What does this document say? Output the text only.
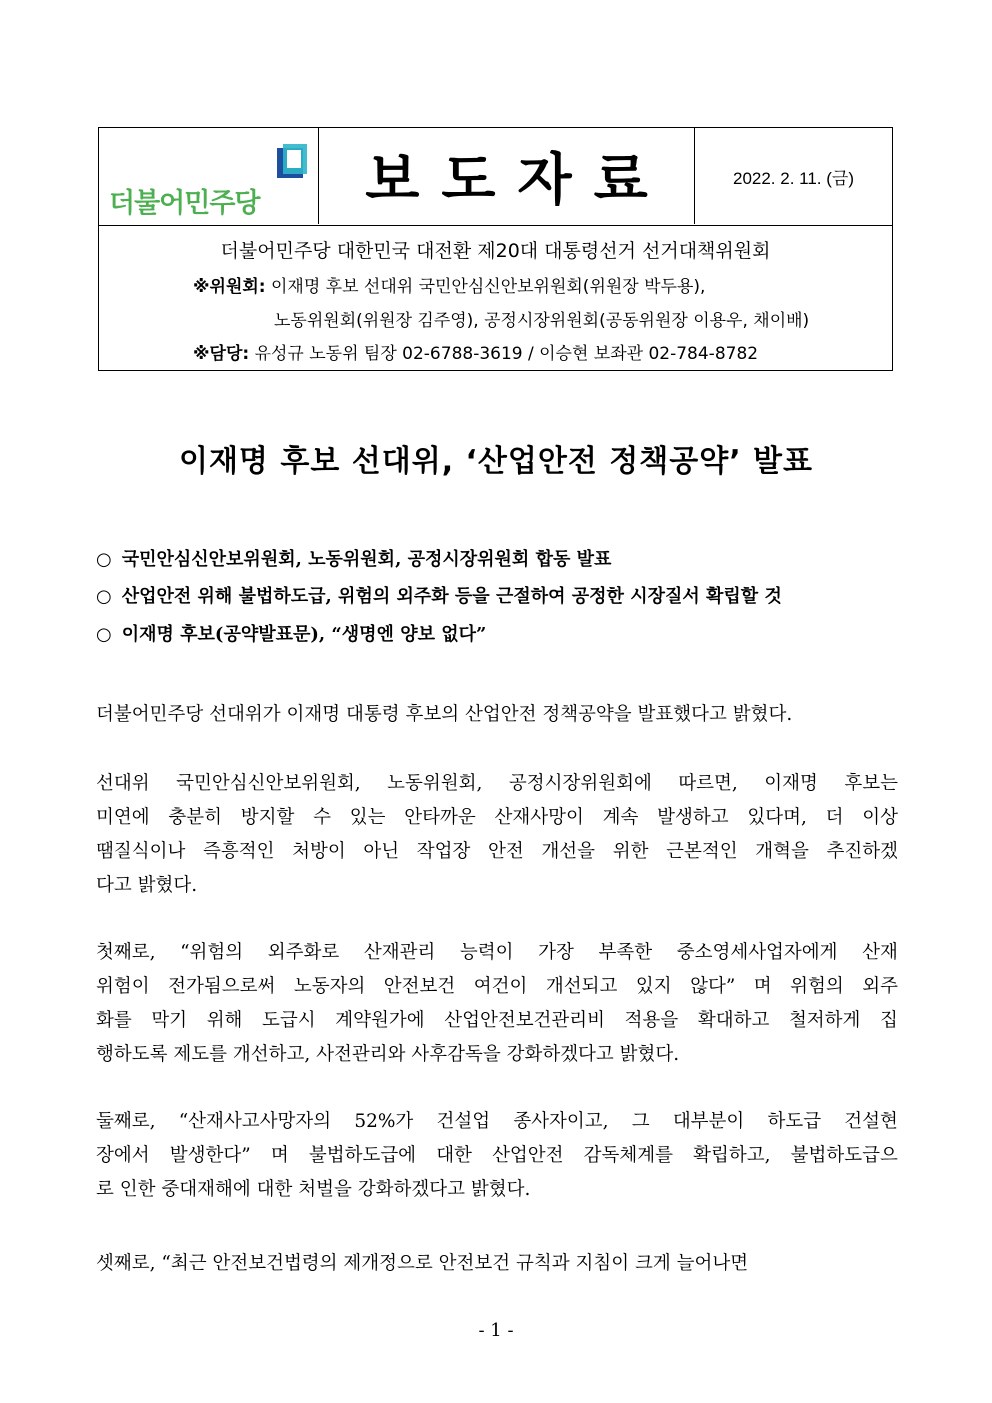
더불어민주당 보도자료	2022. 2. 11. (금)
더불어민주당 대한민국 대전환 제20대 대통령선거 선거대책위원회
※위원회: 이재명 후보 선대위 국민안심신안보위원회(위원장 박두용),
노동위원회(위원장 김주영), 공정시장위원회(공동위원장 이용우, 채이배)
※담당: 유성규 노동위 팀장 02-6788-3619 / 이승현 보좌관 02-784-8782
이재명 후보 선대위, ‘산업안전 정책공약’ 발표
○ 국민안심신안보위원회, 노동위원회, 공정시장위원회 합동 발표
○ 산업안전 위해 불법하도급, 위험의 외주화 등을 근절하여 공정한 시장질서 확립할 것
○ 이재명 후보(공약발표문), “생명엔 양보 없다”
더불어민주당 선대위가 이재명 대통령 후보의 산업안전 정책공약을 발표했다고 밝혔다.
선대위 국민안심신안보위원회, 노동위원회, 공정시장위원회에 따르면, 이재명 후보는
미연에 충분히 방지할 수 있는 안타까운 산재사망이 계속 발생하고 있다며, 더 이상
땜질식이나 즉흥적인 처방이 아닌 작업장 안전 개선을 위한 근본적인 개혁을 추진하겠
다고 밝혔다.
첫째로, “위험의 외주화로 산재관리 능력이 가장 부족한 중소영세사업자에게 산재
위험이 전가됨으로써 노동자의 안전보건 여건이 개선되고 있지 않다” 며 위험의 외주
화를 막기 위해 도급시 계약원가에 산업안전보건관리비 적용을 확대하고 철저하게 집
행하도록 제도를 개선하고, 사전관리와 사후감독을 강화하겠다고 밝혔다.
둘째로, “산재사고사망자의 52%가 건설업 종사자이고, 그 대부분이 하도급 건설현
장에서 발생한다” 며 불법하도급에 대한 산업안전 감독체계를 확립하고, 불법하도급으
로 인한 중대재해에 대한 처벌을 강화하겠다고 밝혔다.
셋째로, “최근 안전보건법령의 제개정으로 안전보건 규칙과 지침이 크게 늘어나면
- 1 -
